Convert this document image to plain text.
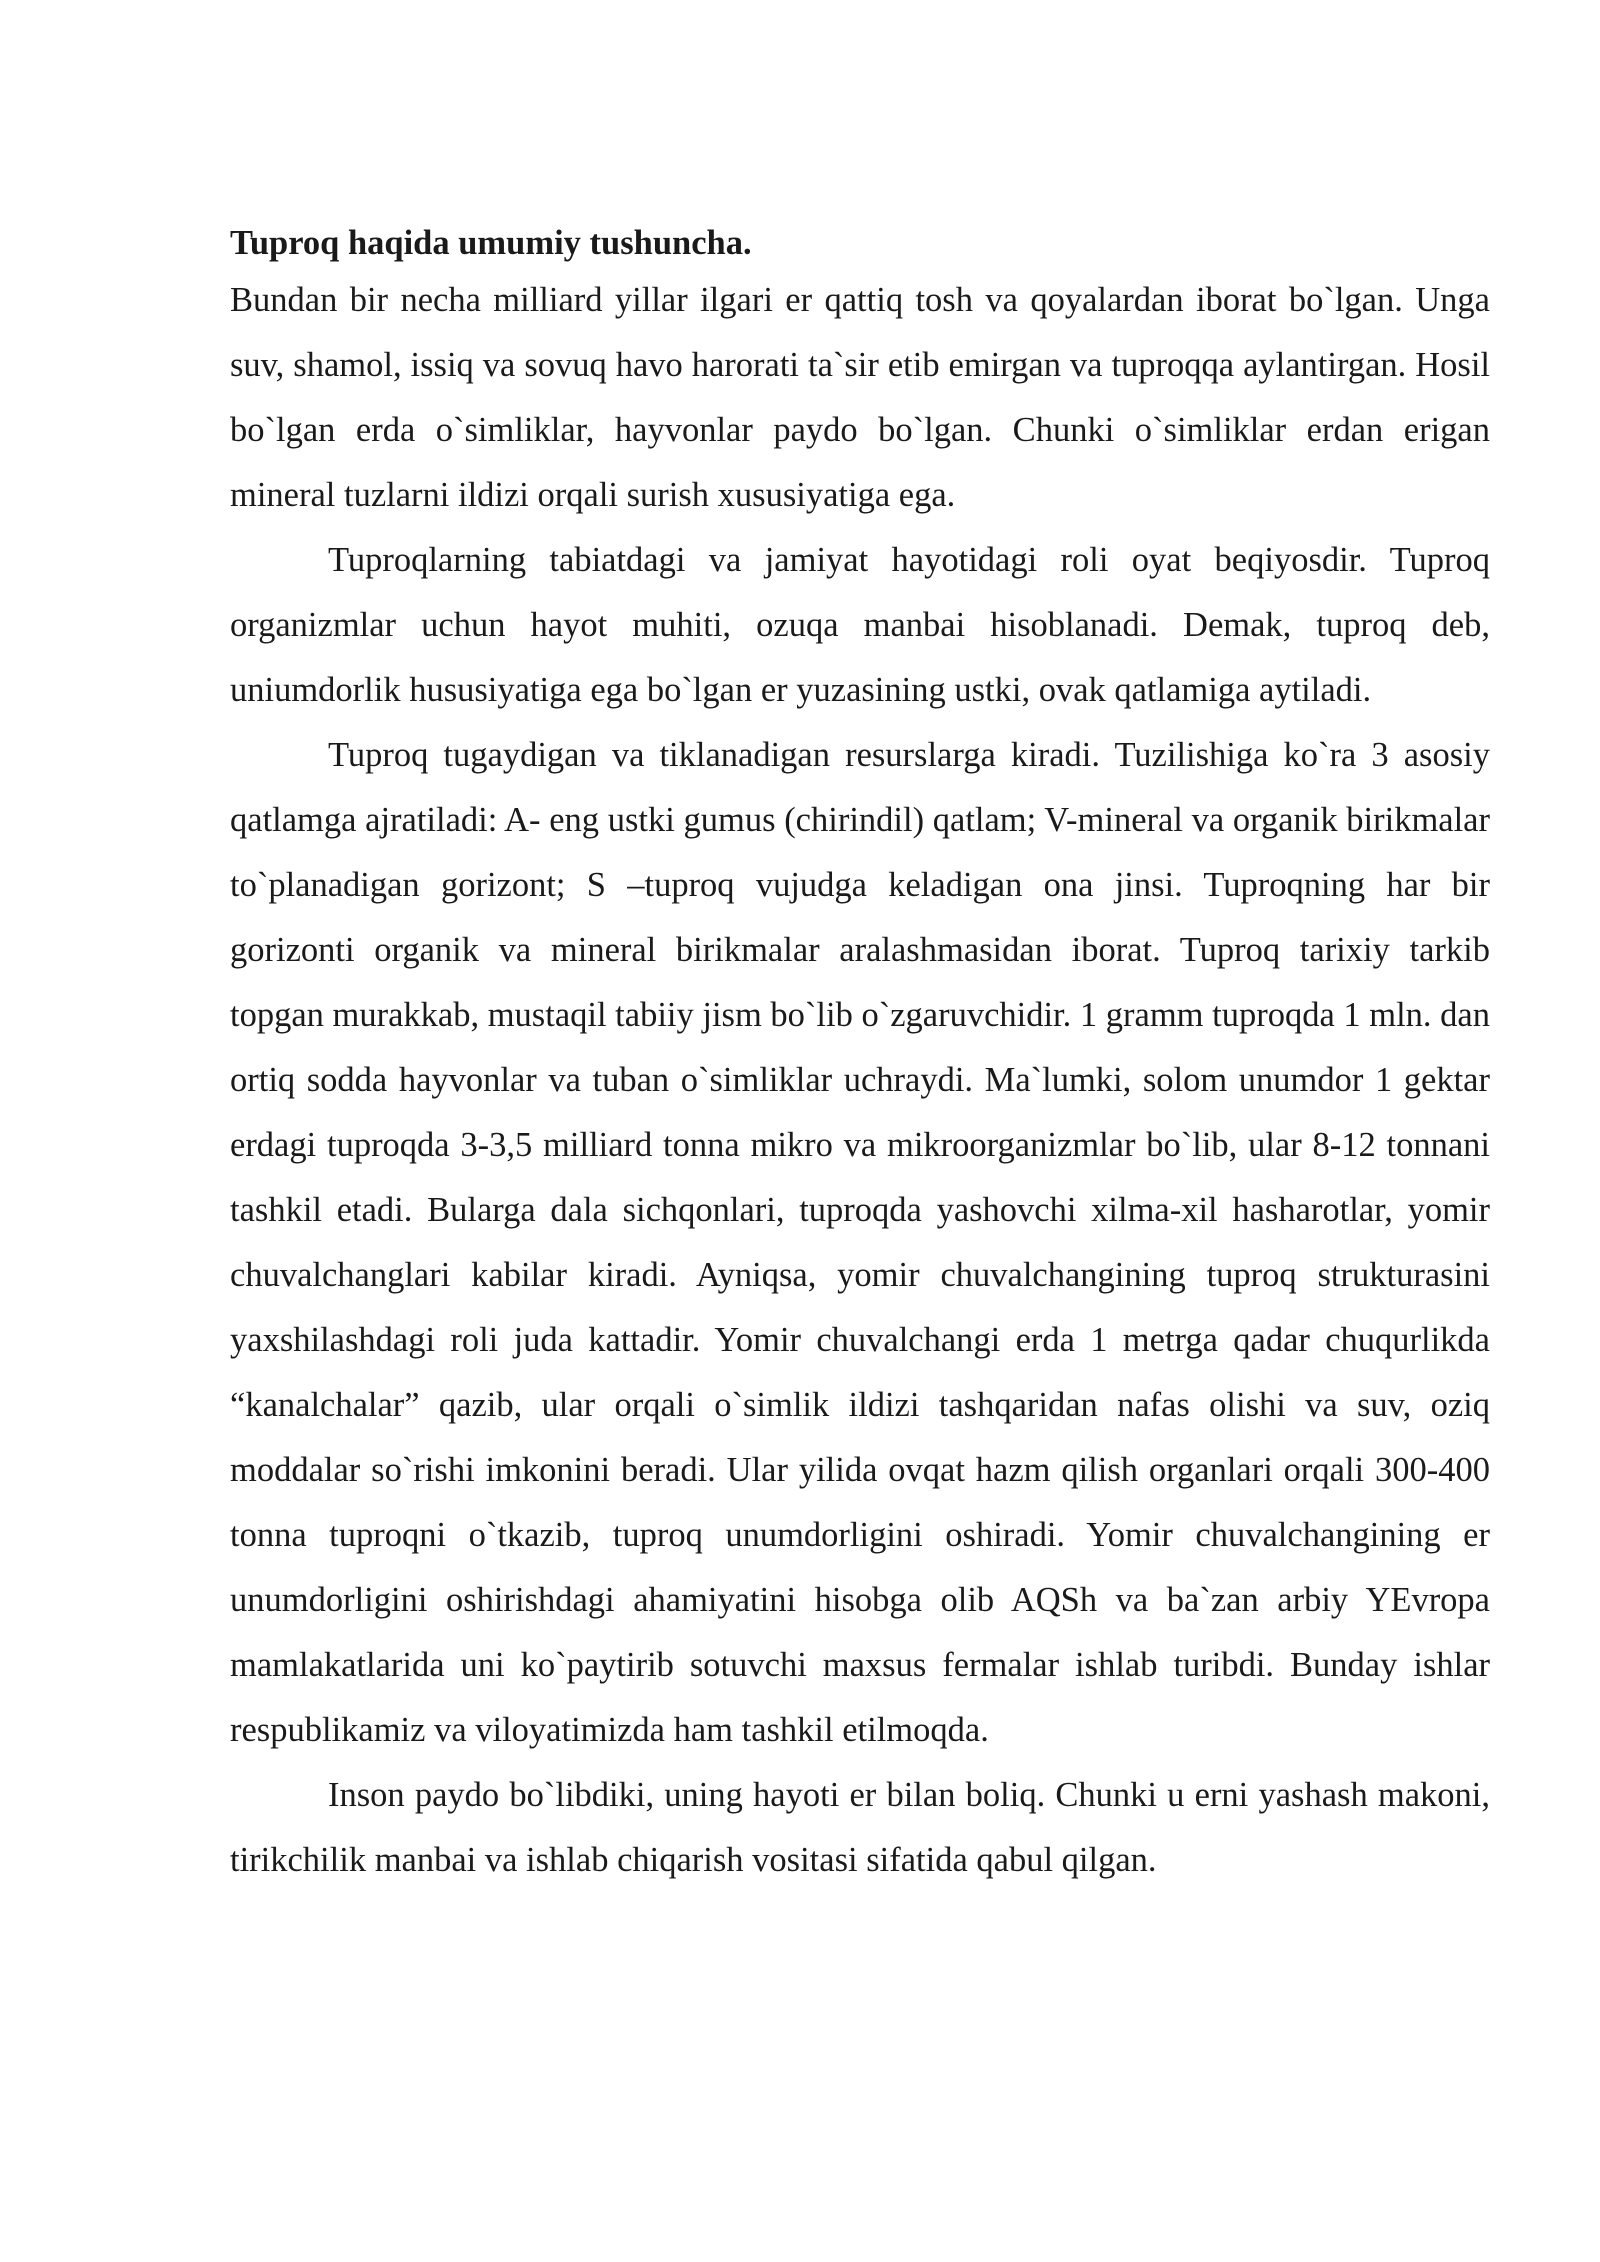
Tuproq haqida umumiy tushuncha.

Bundan bir necha milliard yillar ilgari er qattiq tosh va qoyalardan iborat bo`lgan. Unga suv, shamol, issiq va sovuq havo harorati ta`sir etib emirgan va tuproqqa aylantirgan. Hosil bo`lgan erda o`simliklar, hayvonlar paydo bo`lgan. Chunki o`simliklar erdan erigan mineral tuzlarni ildizi orqali surish xususiyatiga ega.

Tuproqlarning tabiatdagi va jamiyat hayotidagi roli oyat beqiyosdir. Tuproq organizmlar uchun hayot muhiti, ozuqa manbai hisoblanadi. Demak, tuproq deb, uniumdorlik hususiyatiga ega bo`lgan er yuzasining ustki, ovak qatlamiga aytiladi.

Tuproq tugaydigan va tiklanadigan resurslarga kiradi. Tuzilishiga ko`ra 3 asosiy qatlamga ajratiladi: A- eng ustki gumus (chirindil) qatlam; V-mineral va organik birikmalar to`planadigan gorizont; S –tuproq vujudga keladigan ona jinsi. Tuproqning har bir gorizonti organik va mineral birikmalar aralashmasidan iborat. Tuproq tarixiy tarkib topgan murakkab, mustaqil tabiiy jism bo`lib o`zgaruvchidir. 1 gramm tuproqda 1 mln. dan ortiq sodda hayvonlar va tuban o`simliklar uchraydi. Ma`lumki, solom unumdor 1 gektar erdagi tuproqda 3-3,5 milliard tonna mikro va mikroorganizmlar bo`lib, ular 8-12 tonnani tashkil etadi. Bularga dala sichqonlari, tuproqda yashovchi xilma-xil hasharotlar, yomir chuvalchanglari kabilar kiradi. Ayniqsa, yomir chuvalchangining tuproq strukturasini yaxshilashdagi roli juda kattadir. Yomir chuvalchangi erda 1 metrga qadar chuqurlikda “kanalchalar” qazib, ular orqali o`simlik ildizi tashqaridan nafas olishi va suv, oziq moddalar so`rishi imkonini beradi. Ular yilida ovqat hazm qilish organlari orqali 300-400 tonna tuproqni o`tkazib, tuproq unumdorligini oshiradi. Yomir chuvalchangining er unumdorligini oshirishdagi ahamiyatini hisobga olib AQSh va ba`zan arbiy YEvropa mamlakatlarida uni ko`paytirib sotuvchi maxsus fermalar ishlab turibdi. Bunday ishlar respublikamiz va viloyatimizda ham tashkil etilmoqda.

Inson paydo bo`libdiki, uning hayoti er bilan boliq. Chunki u erni yashash makoni, tirikchilik manbai va ishlab chiqarish vositasi sifatida qabul qilgan.
